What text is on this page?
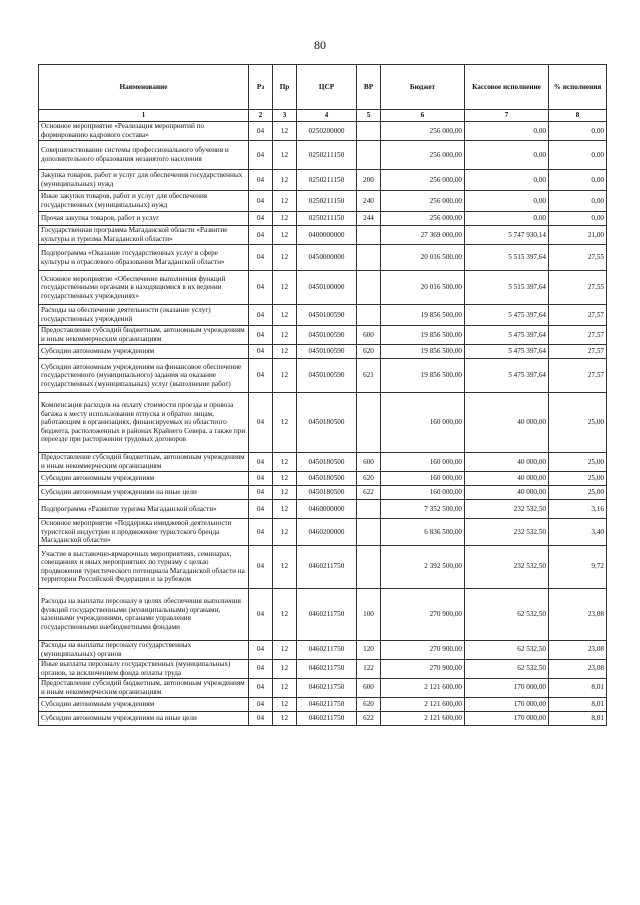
80
Наименование	Рз	Пр	ЦСР	ВР	Бюджет	Кассовое исполнение	% исполнения
1	2	3	4	5	6	7	8
Основное мероприятие «Реализация мероприятий по формированию кадрового состава»	04	12	0250200000		256 000,00	0,00	0,00
Совершенствование системы профессионального обучения и дополнительного образования незанятого населения	04	12	0250211150		256 000,00	0,00	0,00
Закупка товаров, работ и услуг для обеспечения государственных (муниципальных) нужд	04	12	0250211150	200	256 000,00	0,00	0,00
Иные закупки товаров, работ и услуг для обеспечения государственных (муниципальных) нужд	04	12	0250211150	240	256 000,00	0,00	0,00
Прочая закупка товаров, работ и услуг	04	12	0250211150	244	256 000,00	0,00	0,00
Государственная программа Магаданской области «Развитие культуры и туризма Магаданской области»	04	12	0400000000		27 369 000,00	5 747 930,14	21,00
Подпрограмма «Оказание государственных услуг в сфере культуры и отраслевого образования Магаданской области»	04	12	0450000000		20 016 500,00	5 515 397,64	27,55
Основное мероприятие «Обеспечение выполнения функций государственными органами в находящимися в их ведении государственных учреждениях»	04	12	0450100000		20 016 500,00	5 515 397,64	27,55
Расходы на обеспечение деятельности (оказание услуг) государственных учреждений	04	12	0450100590		19 856 500,00	5 475 397,64	27,57
Предоставление субсидий бюджетным, автономным учреждениям и иным некоммерческим организациям	04	12	0450100590	600	19 856 500,00	5 475 397,64	27,57
Субсидии автономным учреждениям	04	12	0450100590	620	19 856 500,00	5 475 397,64	27,57
Субсидии автономным учреждениям на финансовое обеспечение государственного (муниципального) задания на оказание государственных (муниципальных) услуг (выполнение работ)	04	12	0450100590	621	19 856 500,00	5 475 397,64	27,57
Компенсация расходов на оплату стоимости проезда и провоза багажа к месту использования отпуска и обратно лицам, работающим в организациях, финансируемых из областного бюджета, расположенных в районах Крайнего Севера, а также при переезде при расторжении трудовых договоров	04	12	0450180500		160 000,00	40 000,00	25,00
Предоставление субсидий бюджетным, автономным учреждениям и иным некоммерческим организациям	04	12	0450180500	600	160 000,00	40 000,00	25,00
Субсидии автономным учреждениям	04	12	0450180500	620	160 000,00	40 000,00	25,00
Субсидии автономным учреждениям на иные цели	04	12	0450180500	622	160 000,00	40 000,00	25,00
Подпрограмма «Развитие туризма Магаданской области»	04	12	0460000000		7 352 500,00	232 532,50	3,16
Основное мероприятие «Поддержка имиджевой деятельности туристской индустрии и продвижение туристского бренда Магаданской области»	04	12	0460200000		6 836 500,00	232 532,50	3,40
Участие в выставочно-ярмарочных мероприятиях, семинарах, совещаниях и иных мероприятиях по туризму с целью продвижения туристического потенциала Магаданской области на территории Российской Федерации и за рубежом	04	12	0460211750		2 392 500,00	232 532,50	9,72
Расходы на выплаты персоналу в целях обеспечения выполнения функций государственными (муниципальными) органами, казенными учреждениями, органами управления государственными внебюджетными фондами	04	12	0460211750	100	270 900,00	62 532,50	23,08
Расходы на выплаты персоналу государственных (муниципальных) органов	04	12	0460211750	120	270 900,00	62 532,50	23,08
Иные выплаты персоналу государственных (муниципальных) органов, за исключением фонда оплаты труда	04	12	0460211750	122	270 900,00	62 532,50	23,08
Предоставление субсидий бюджетным, автономным учреждениям и иным некоммерческим организациям	04	12	0460211750	600	2 121 600,00	170 000,00	8,01
Субсидии автономным учреждениям	04	12	0460211750	620	2 121 600,00	170 000,00	8,01
Субсидии автономным учреждениям на иные цели	04	12	0460211750	622	2 121 600,00	170 000,00	8,01
